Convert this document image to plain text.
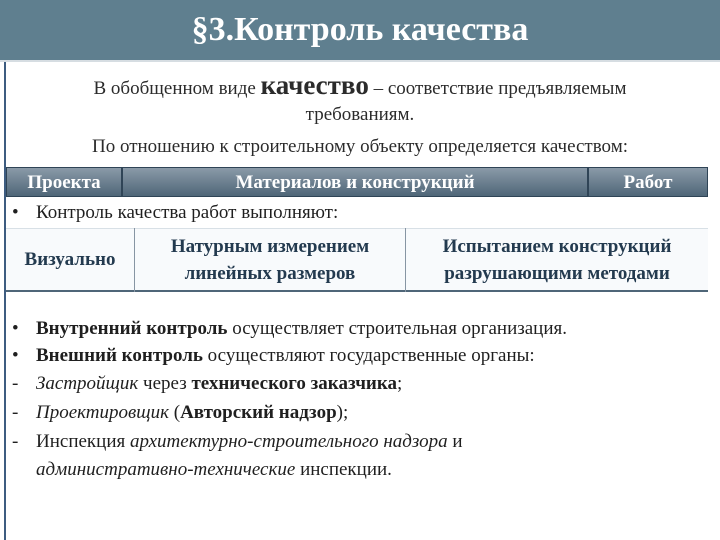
§3.Контроль качества
В обобщенном виде качество – соответствие предъявляемым
требованиям.
По отношению к строительному объекту определяется качеством:
Проекта	Материалов и конструкций	Работ
• Контроль качества работ выполняют:
Визуально
Натурным измерением
линейных размеров
Испытанием конструкций
разрушающими методами
• Внутренний контроль осуществляет строительная организация.
• Внешний контроль осуществляют государственные органы:
- Застройщик через технического заказчика;
- Проектировщик (Авторский надзор);
- Инспекция архитектурно-строительного надзора и
административно-технические инспекции.
